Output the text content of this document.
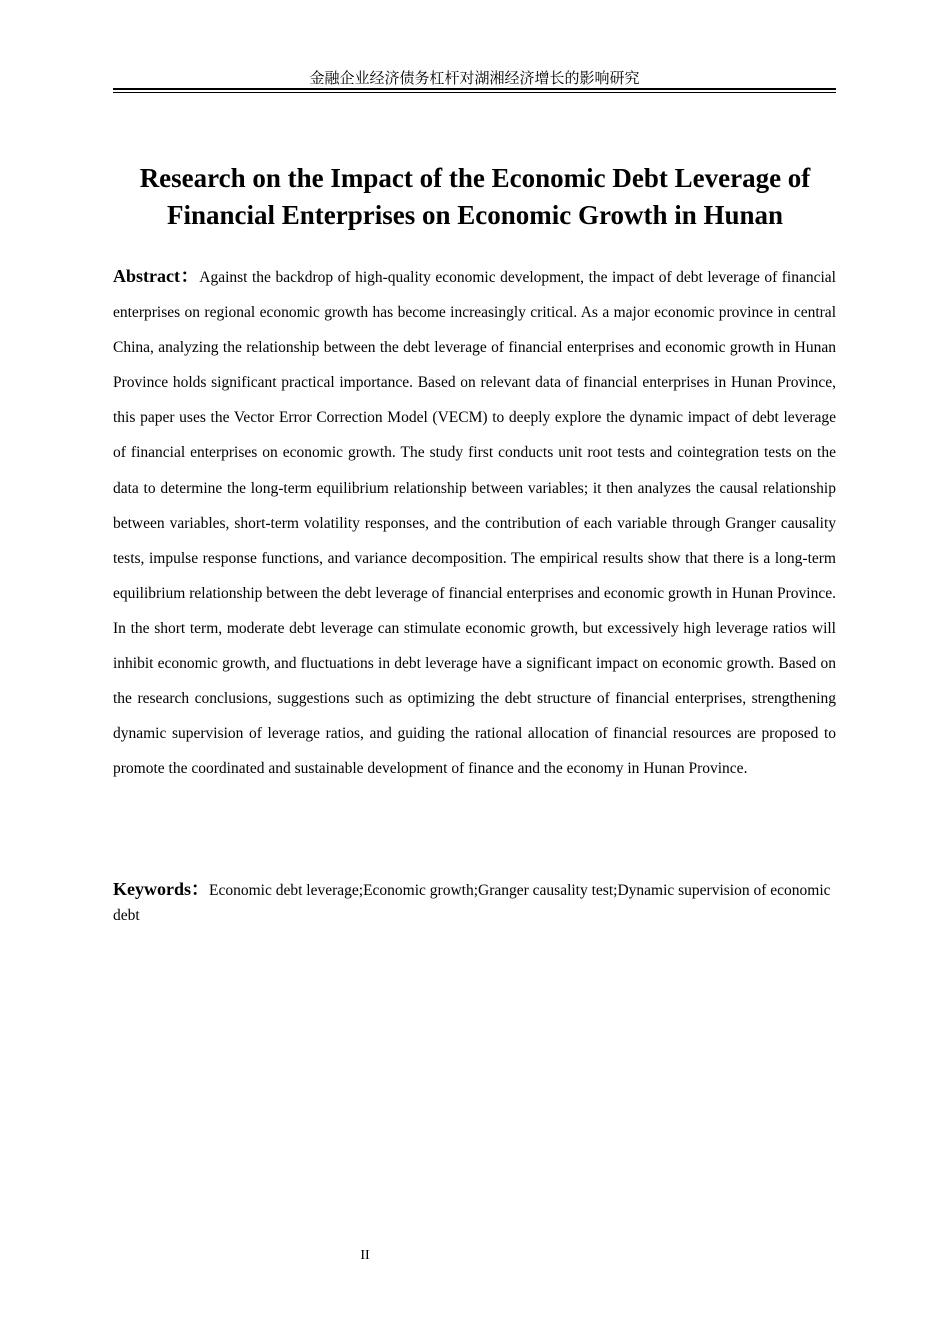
金融企业经济债务杠杆对湖湘经济增长的影响研究
Research on the Impact of the Economic Debt Leverage of Financial Enterprises on Economic Growth in Hunan

Abstract：Against the backdrop of high-quality economic development, the impact of debt leverage of financial enterprises on regional economic growth has become increasingly critical. As a major economic province in central China, analyzing the relationship between the debt leverage of financial enterprises and economic growth in Hunan Province holds significant practical importance. Based on relevant data of financial enterprises in Hunan Province, this paper uses the Vector Error Correction Model (VECM) to deeply explore the dynamic impact of debt leverage of financial enterprises on economic growth. The study first conducts unit root tests and cointegration tests on the data to determine the long-term equilibrium relationship between variables; it then analyzes the causal relationship between variables, short-term volatility responses, and the contribution of each variable through Granger causality tests, impulse response functions, and variance decomposition. The empirical results show that there is a long-term equilibrium relationship between the debt leverage of financial enterprises and economic growth in Hunan Province. In the short term, moderate debt leverage can stimulate economic growth, but excessively high leverage ratios will inhibit economic growth, and fluctuations in debt leverage have a significant impact on economic growth. Based on the research conclusions, suggestions such as optimizing the debt structure of financial enterprises, strengthening dynamic supervision of leverage ratios, and guiding the rational allocation of financial resources are proposed to promote the coordinated and sustainable development of finance and the economy in Hunan Province.

Keywords：Economic debt leverage;Economic growth;Granger causality test;Dynamic supervision of economic debt

II
